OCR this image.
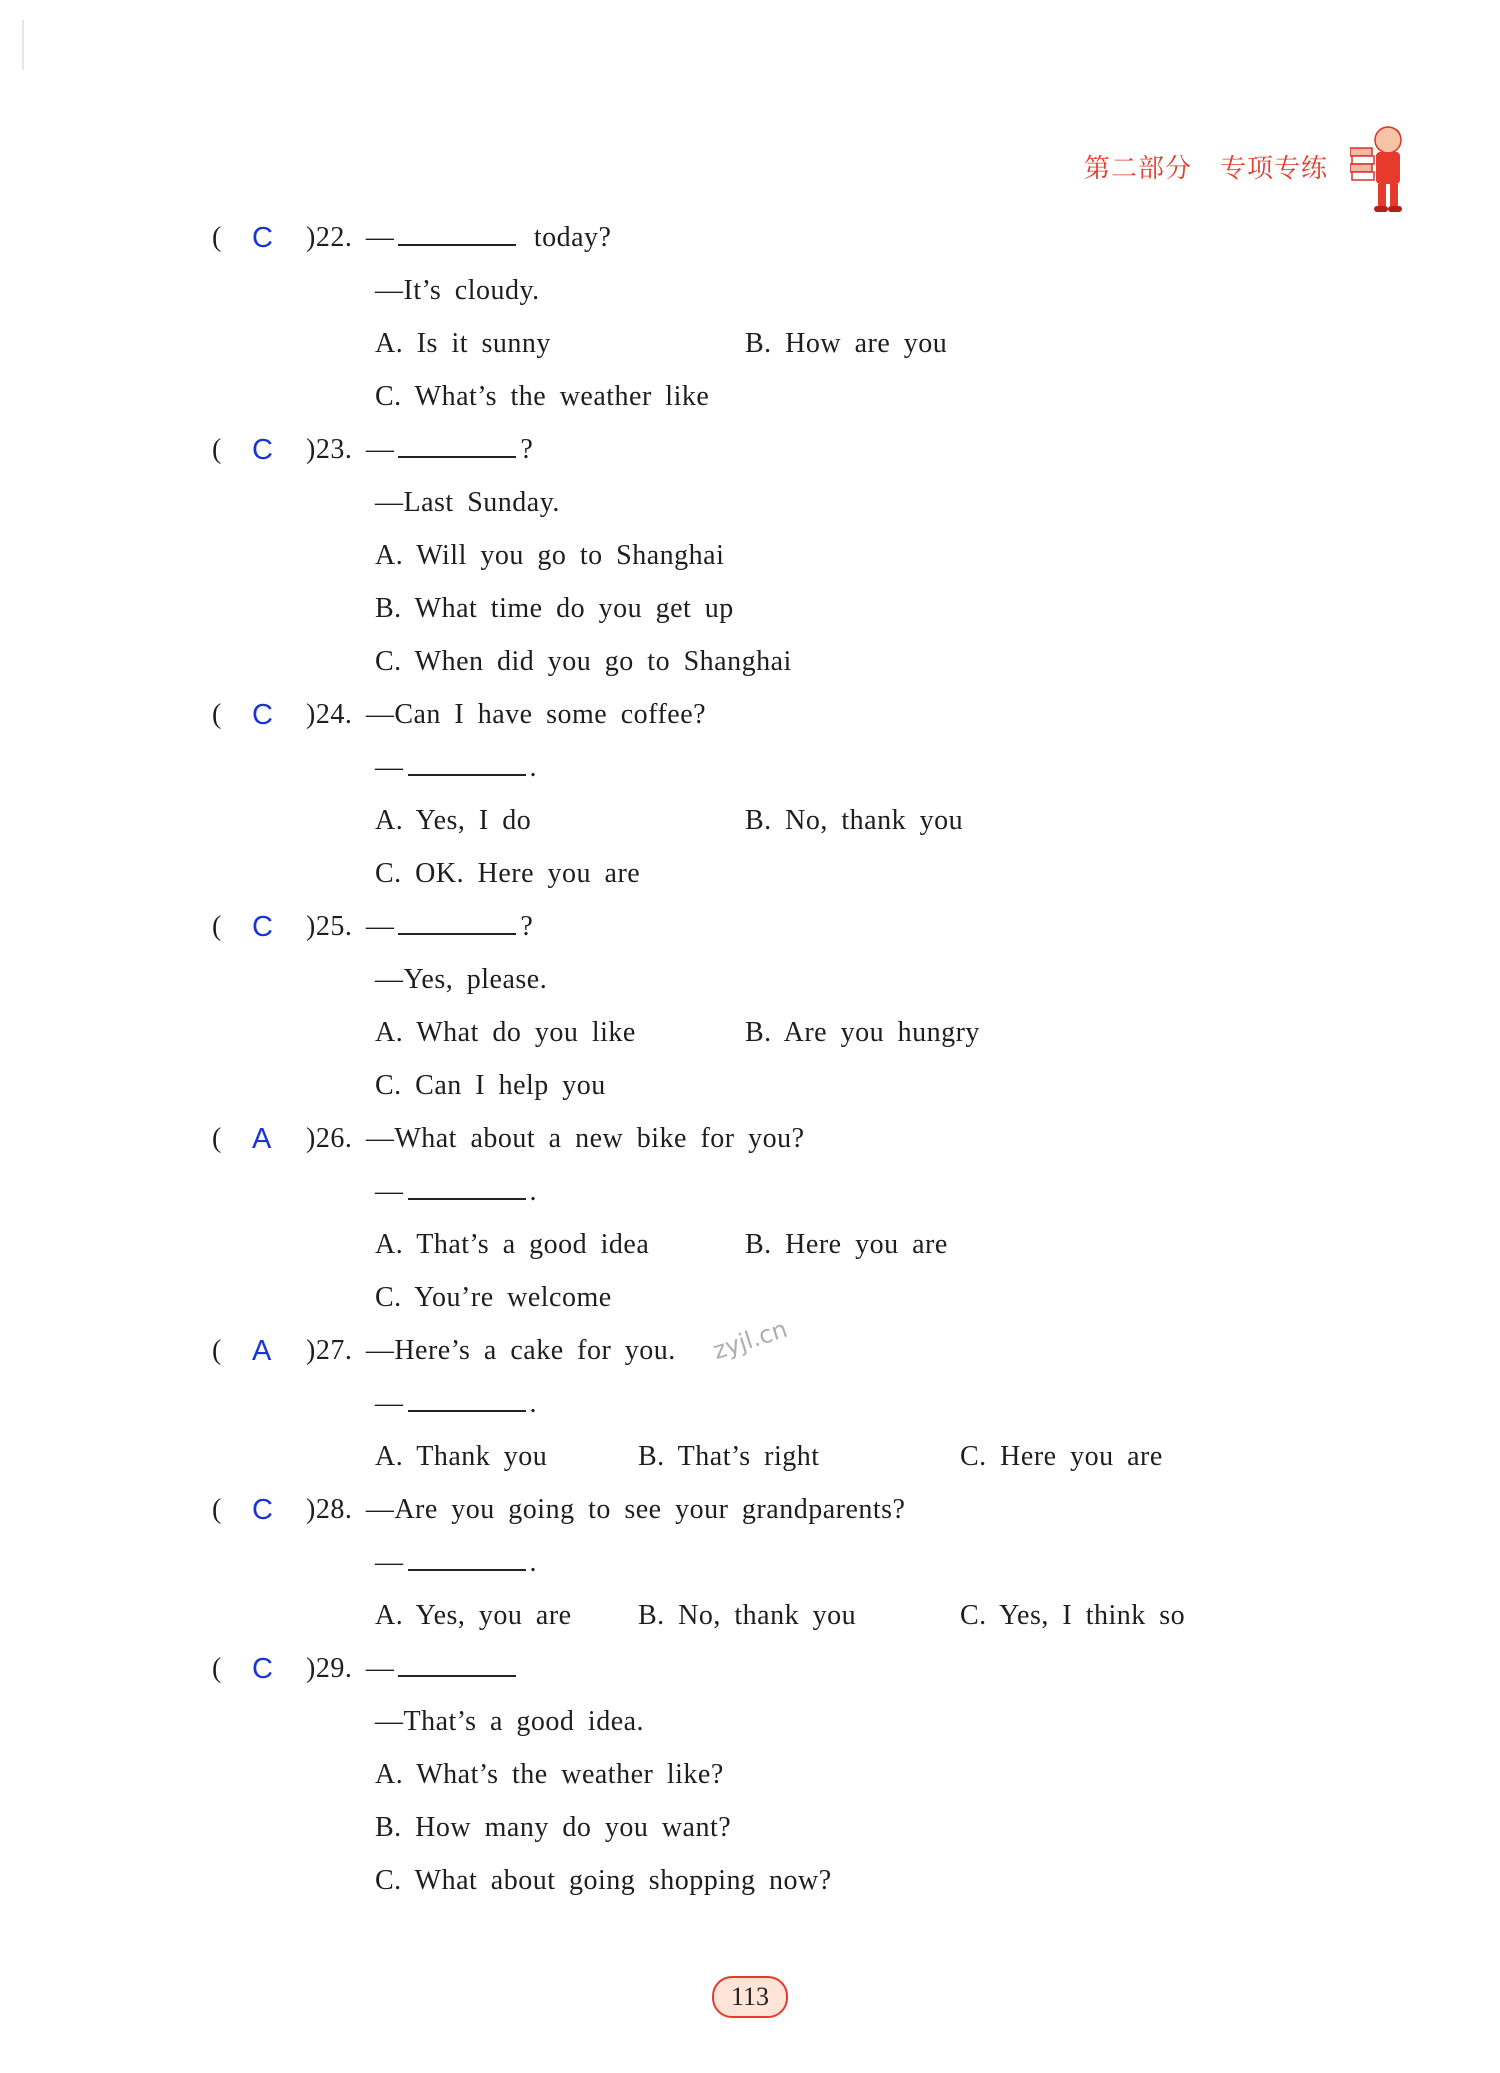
第二部分 专项专练
( C )22. —	today?
—It’s cloudy.
A. Is it sunny	B. How are you
C. What’s the weather like
( C )23. —	?
—Last Sunday.
A. Will you go to Shanghai
B. What time do you get up
C. When did you go to Shanghai
( C )24. —Can I have some coffee?
—	.
A. Yes, I do	B. No, thank you
C. OK. Here you are
( C )25. —	?
—Yes, please.
A. What do you like	B. Are you hungry
C. Can I help you
( A )26. —What about a new bike for you?
—	.
A. That’s a good idea	B. Here you are
C. You’re welcome
( A )27. —Here’s a cake for you.
—	.
A. Thank you	B. That’s right	C. Here you are
( C )28. —Are you going to see your grandparents?
—	.
A. Yes, you are B. No, thank you	C. Yes, I think so
( C )29. —
—That’s a good idea.
A. What’s the weather like?
B. How many do you want?
C. What about going shopping now?
zyjl.cn
113
